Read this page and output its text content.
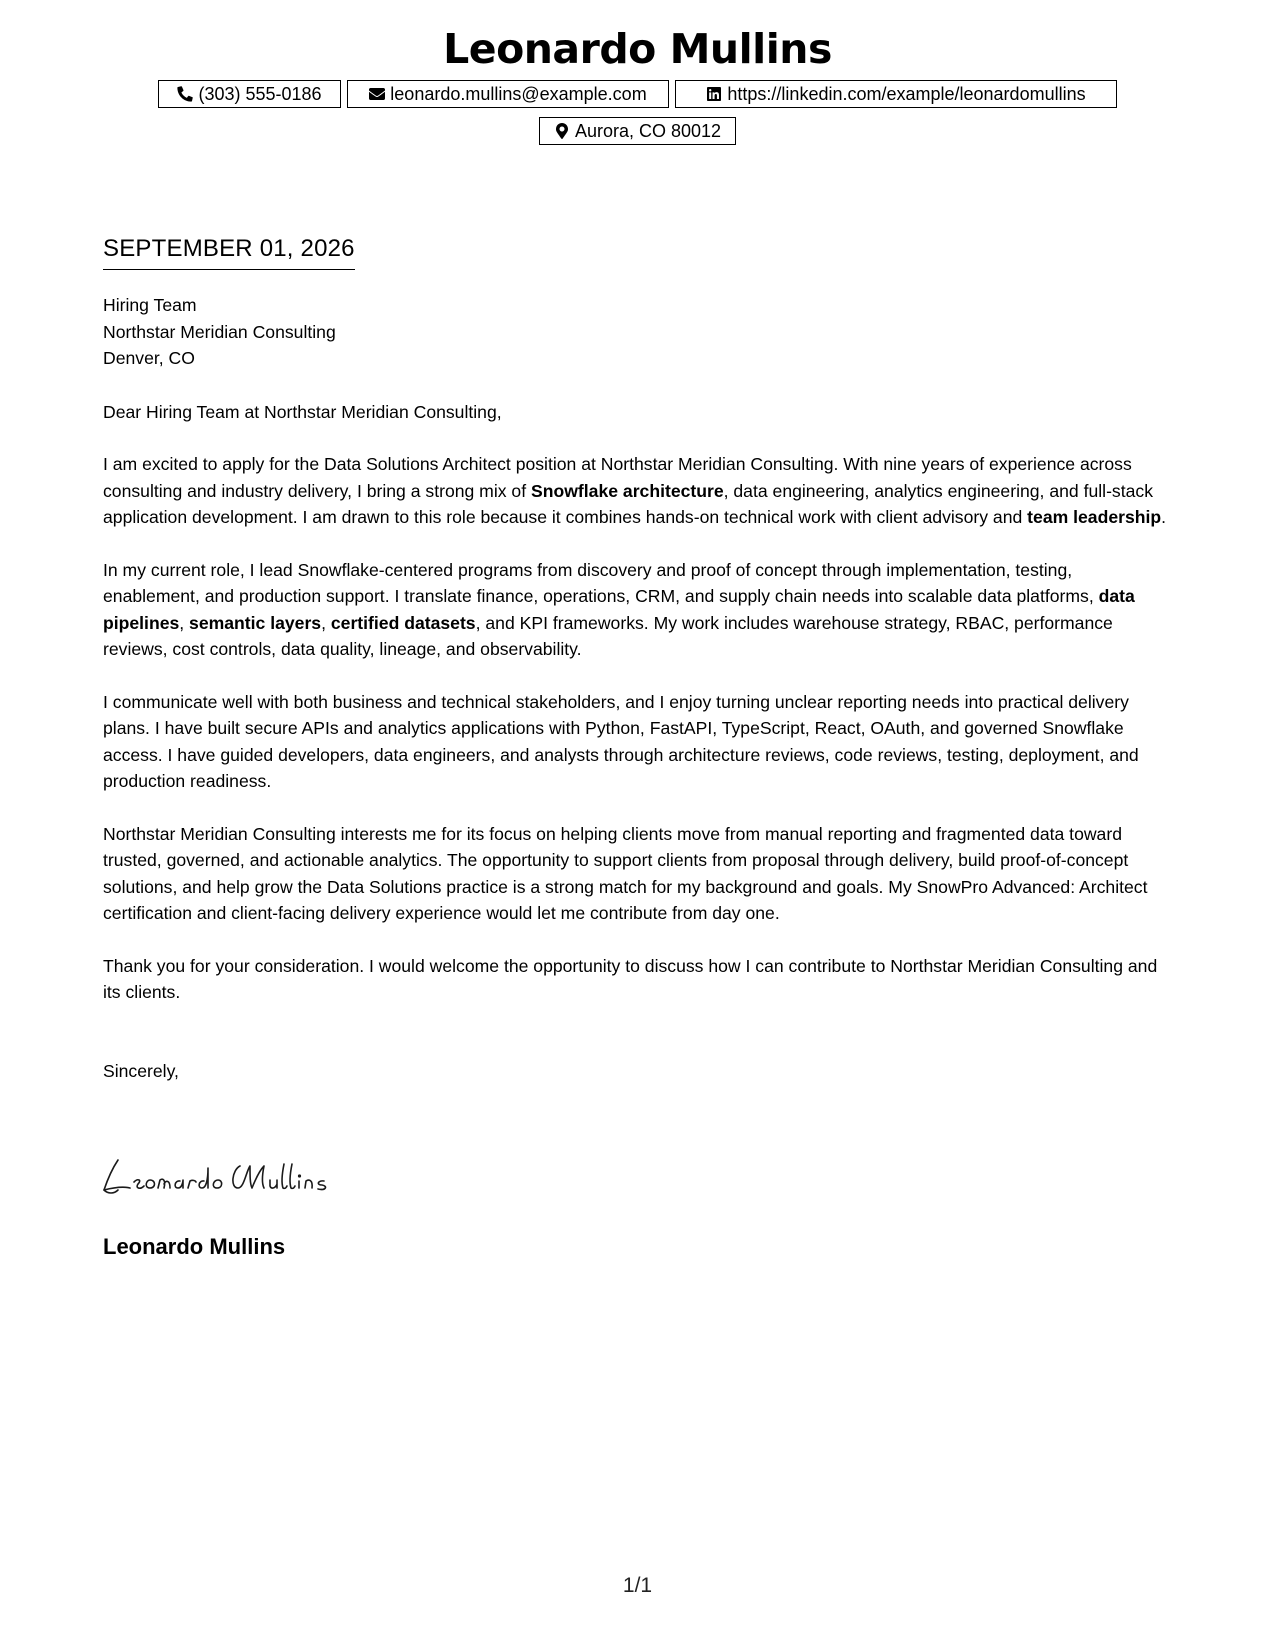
Leonardo Mullins
(303) 555-0186	leonardo.mullins@example.com	https://linkedin.com/example/leonardomullins
Aurora, CO 80012
SEPTEMBER 01, 2026
Hiring Team
Northstar Meridian Consulting
Denver, CO
Dear Hiring Team at Northstar Meridian Consulting,

I am excited to apply for the Data Solutions Architect position at Northstar Meridian Consulting. With nine years of experience across consulting and industry delivery, I bring a strong mix of Snowflake architecture, data engineering, analytics engineering, and full-stack application development. I am drawn to this role because it combines hands-on technical work with client advisory and team leadership.

In my current role, I lead Snowflake-centered programs from discovery and proof of concept through implementation, testing, enablement, and production support. I translate finance, operations, CRM, and supply chain needs into scalable data platforms, data pipelines, semantic layers, certified datasets, and KPI frameworks. My work includes warehouse strategy, RBAC, performance reviews, cost controls, data quality, lineage, and observability.

I communicate well with both business and technical stakeholders, and I enjoy turning unclear reporting needs into practical delivery plans. I have built secure APIs and analytics applications with Python, FastAPI, TypeScript, React, OAuth, and governed Snowflake access. I have guided developers, data engineers, and analysts through architecture reviews, code reviews, testing, deployment, and production readiness.

Northstar Meridian Consulting interests me for its focus on helping clients move from manual reporting and fragmented data toward trusted, governed, and actionable analytics. The opportunity to support clients from proposal through delivery, build proof-of-concept solutions, and help grow the Data Solutions practice is a strong match for my background and goals. My SnowPro Advanced: Architect certification and client-facing delivery experience would let me contribute from day one.

Thank you for your consideration. I would welcome the opportunity to discuss how I can contribute to Northstar Meridian Consulting and its clients.

Sincerely,
Leonardo Mullins
1/1
